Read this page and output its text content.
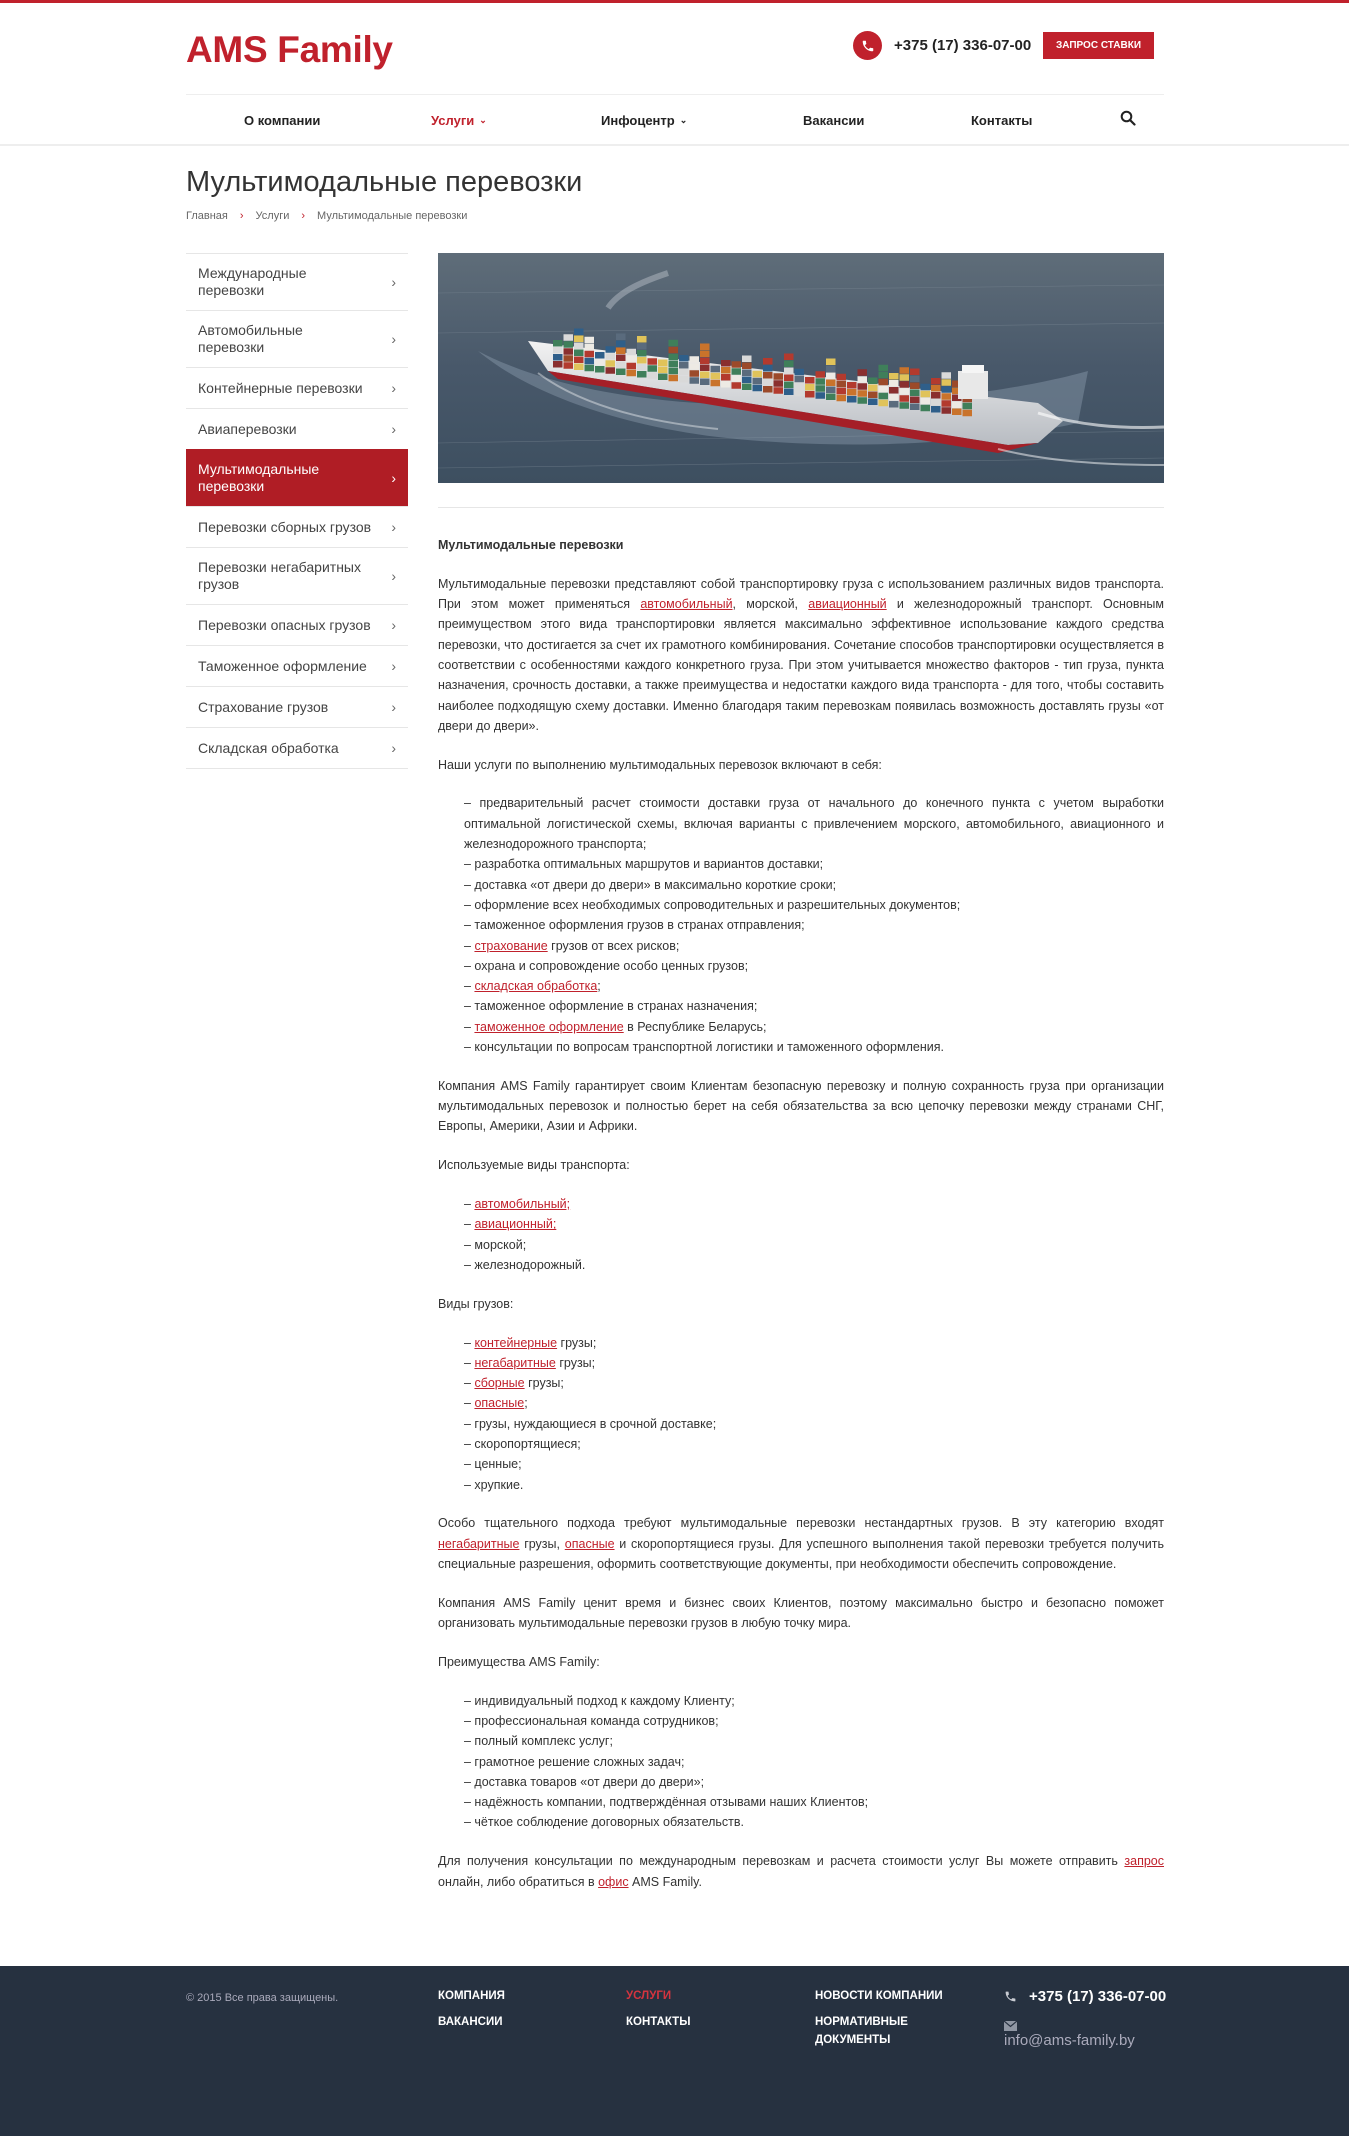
AMS Family	+375 (17) 336-07-00	ЗАПРОС СТАВКИ
О компании	Услуги ⌄	Инфоцентр ⌄	Вакансии	Контакты
Мультимодальные перевозки
Главная › Услуги › Мультимодальные перевозки
Международные перевозки
›
Автомобильные перевозки
›
Контейнерные перевозки ›
Авиаперевозки	›
Мультимодальные перевозки
›
Перевозки сборных грузов ›
Перевозки негабаритных грузов
›
Перевозки опасных грузов ›
Таможенное оформление ›
Страхование грузов	›
Складская обработка	›

Мультимодальные перевозки

Мультимодальные перевозки представляют собой транспортировку груза с использованием различных видов транспорта. При этом может применяться автомобильный, морской, авиационный и железнодорожный транспорт. Основным преимуществом этого вида транспортировки является максимально эффективное использование каждого средства перевозки, что достигается за счет их грамотного комбинирования. Сочетание способов транспортировки осуществляется в соответствии с особенностями каждого конкретного груза. При этом учитывается множество факторов - тип груза, пункта назначения, срочность доставки, а также преимущества и недостатки каждого вида транспорта - для того, чтобы составить наиболее подходящую схему доставки. Именно благодаря таким перевозкам появилась возможность доставлять грузы «от двери до двери».

Наши услуги по выполнению мультимодальных перевозок включают в себя:

– предварительный расчет стоимости доставки груза от начального до конечного пункта с учетом выработки оптимальной логистической схемы, включая варианты с привлечением морского, автомобильного, авиационного и железнодорожного транспорта;

– разработка оптимальных маршрутов и вариантов доставки;

– доставка «от двери до двери» в максимально короткие сроки;

– оформление всех необходимых сопроводительных и разрешительных документов;

– таможенное оформления грузов в странах отправления;

– страхование грузов от всех рисков;

– охрана и сопровождение особо ценных грузов;

– складская обработка;

– таможенное оформление в странах назначения;

– таможенное оформление в Республике Беларусь;

– консультации по вопросам транспортной логистики и таможенного оформления.

Компания AMS Family гарантирует своим Клиентам безопасную перевозку и полную сохранность груза при организации мультимодальных перевозок и полностью берет на себя обязательства за всю цепочку перевозки между странами СНГ, Европы, Америки, Азии и Африки.

Используемые виды транспорта:

– автомобильный;

– авиационный;

– морской;

– железнодорожный.

Виды грузов:

– контейнерные грузы;

– негабаритные грузы;

– сборные грузы;

– опасные;

– грузы, нуждающиеся в срочной доставке;

– скоропортящиеся;

– ценные;

– хрупкие.

Особо тщательного подхода требуют мультимодальные перевозки нестандартных грузов. В эту категорию входят негабаритные грузы, опасные и скоропортящиеся грузы. Для успешного выполнения такой перевозки требуется получить специальные разрешения, оформить соответствующие документы, при необходимости обеспечить сопровождение.

Компания AMS Family ценит время и бизнес своих Клиентов, поэтому максимально быстро и безопасно поможет организовать мультимодальные перевозки грузов в любую точку мира.

Преимущества AMS Family:

– индивидуальный подход к каждому Клиенту;

– профессиональная команда сотрудников;

– полный комплекс услуг;

– грамотное решение сложных задач;

– доставка товаров «от двери до двери»;

– надёжность компании, подтверждённая отзывами наших Клиентов;

– чёткое соблюдение договорных обязательств.

Для получения консультации по международным перевозкам и расчета стоимости услуг Вы можете отправить запрос онлайн, либо обратиться в офис AMS Family.

© 2015 Все права защищены.	КОМПАНИЯ
ВАКАНСИИ
УСЛУГИ
КОНТАКТЫ
НОВОСТИ КОМПАНИИ
НОРМАТИВНЫЕ ДОКУМЕНТЫ
+375 (17) 336-07-00
info@ams-family.by
